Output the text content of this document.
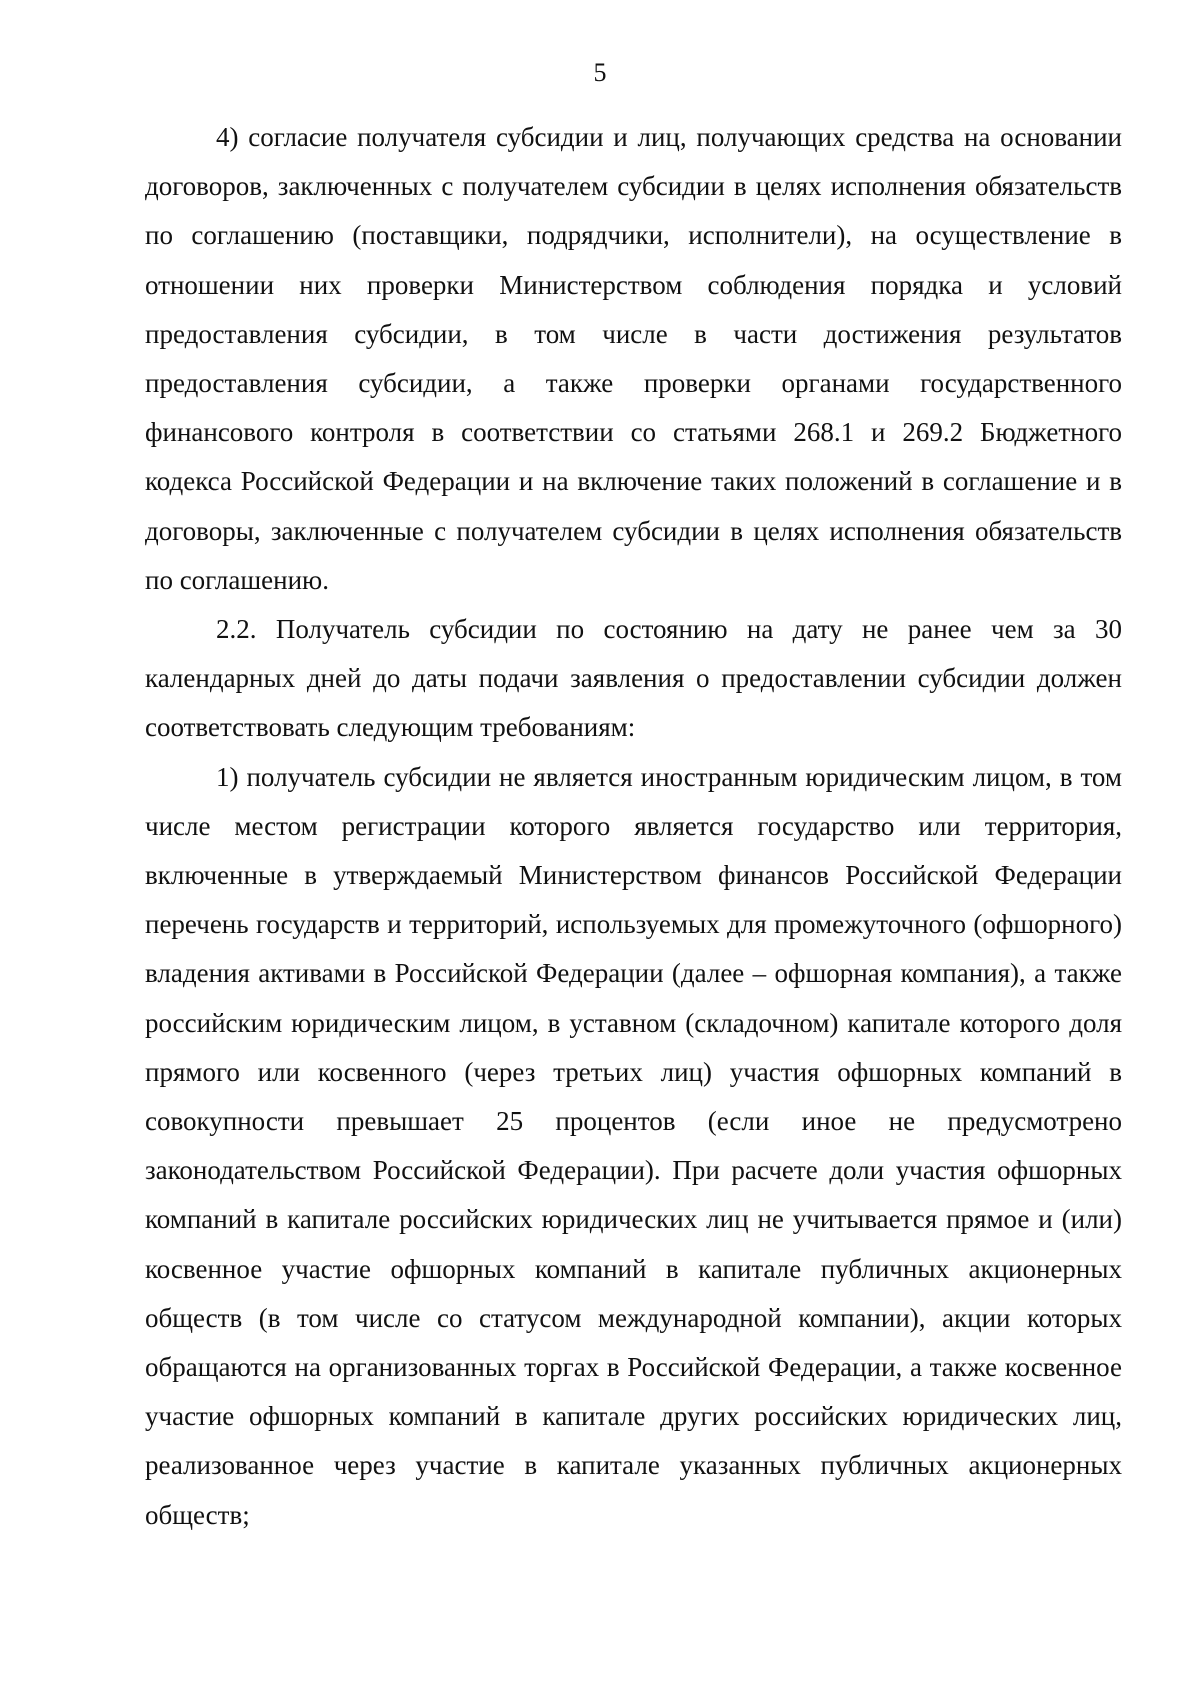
5

4) согласие получателя субсидии и лиц, получающих средства на основании договоров, заключенных с получателем субсидии в целях исполнения обязательств по соглашению (поставщики, подрядчики, исполнители), на осуществление в отношении них проверки Министерством соблюдения порядка и условий предоставления субсидии, в том числе в части достижения результатов предоставления субсидии, а также проверки органами государственного финансового контроля в соответствии со статьями 268.1 и 269.2 Бюджетного кодекса Российской Федерации и на включение таких положений в соглашение и в договоры, заключенные с получателем субсидии в целях исполнения обязательств по соглашению.

2.2. Получатель субсидии по состоянию на дату не ранее чем за 30 календарных дней до даты подачи заявления о предоставлении субсидии должен соответствовать следующим требованиям:

1) получатель субсидии не является иностранным юридическим лицом, в том числе местом регистрации которого является государство или территория, включенные в утверждаемый Министерством финансов Российской Федерации перечень государств и территорий, используемых для промежуточного (офшорного) владения активами в Российской Федерации (далее – офшорная компания), а также российским юридическим лицом, в уставном (складочном) капитале которого доля прямого или косвенного (через третьих лиц) участия офшорных компаний в совокупности превышает 25 процентов (если иное не предусмотрено законодательством Российской Федерации). При расчете доли участия офшорных компаний в капитале российских юридических лиц не учитывается прямое и (или) косвенное участие офшорных компаний в капитале публичных акционерных обществ (в том числе со статусом международной компании), акции которых обращаются на организованных торгах в Российской Федерации, а также косвенное участие офшорных компаний в капитале других российских юридических лиц, реализованное через участие в капитале указанных публичных акционерных обществ;
